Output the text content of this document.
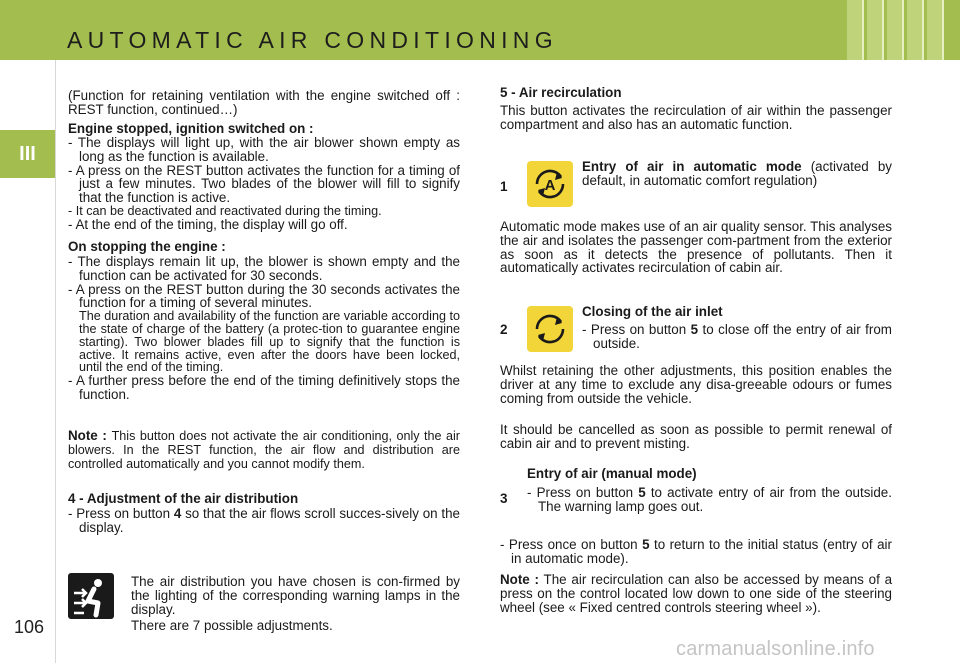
AUTOMATIC AIR CONDITIONING
III
106
(Function for retaining ventilation with the engine switched off : REST function, continued…)
Engine stopped, ignition switched on :
- The displays will light up, with the air blower shown empty as long as the function is available.
- A press on the REST button activates the function for a timing of just a few minutes. Two blades of the blower will fill to signify that the function is active.
- It can be deactivated and reactivated during the timing.
- At the end of the timing, the display will go off.
On stopping the engine :
- The displays remain lit up, the blower is shown empty and the function can be activated for 30 seconds.
- A press on the REST button during the 30 seconds activates the function for a timing of several minutes.
The duration and availability of the function are variable according to the state of charge of the battery (a protec-tion to guarantee engine starting). Two blower blades fill up to signify that the function is active. It remains active, even after the doors have been locked, until the end of the timing.
- A further press before the end of the timing definitively stops the function.
Note : This button does not activate the air conditioning, only the air blowers. In the REST function, the air flow and distribution are controlled automatically and you cannot modify them.
4 - Adjustment of the air distribution
- Press on button 4 so that the air flows scroll succes-sively on the display.
The air distribution you have chosen is con-firmed by the lighting of the corresponding warning lamps in the display.
There are 7 possible adjustments.
5 - Air recirculation
This button activates the recirculation of air within the passenger compartment and also has an automatic function.
1 A
Entry of air in automatic mode (activated by default, in automatic comfort regulation)
Automatic mode makes use of an air quality sensor. This analyses the air and isolates the passenger com-partment from the exterior as soon as it detects the presence of pollutants. Then it automatically activates recirculation of cabin air.
2
Closing of the air inlet
- Press on button 5 to close off the entry of air from outside.
Whilst retaining the other adjustments, this position enables the driver at any time to exclude any disa-greeable odours or fumes coming from outside the vehicle.
It should be cancelled as soon as possible to permit renewal of cabin air and to prevent misting.
3
Entry of air (manual mode)
- Press on button 5 to activate entry of air from the outside. The warning lamp goes out.
- Press once on button 5 to return to the initial status (entry of air in automatic mode).
Note : The air recirculation can also be accessed by means of a press on the control located low down to one side of the steering wheel (see « Fixed centred controls steering wheel »).
carmanualsonline.info
